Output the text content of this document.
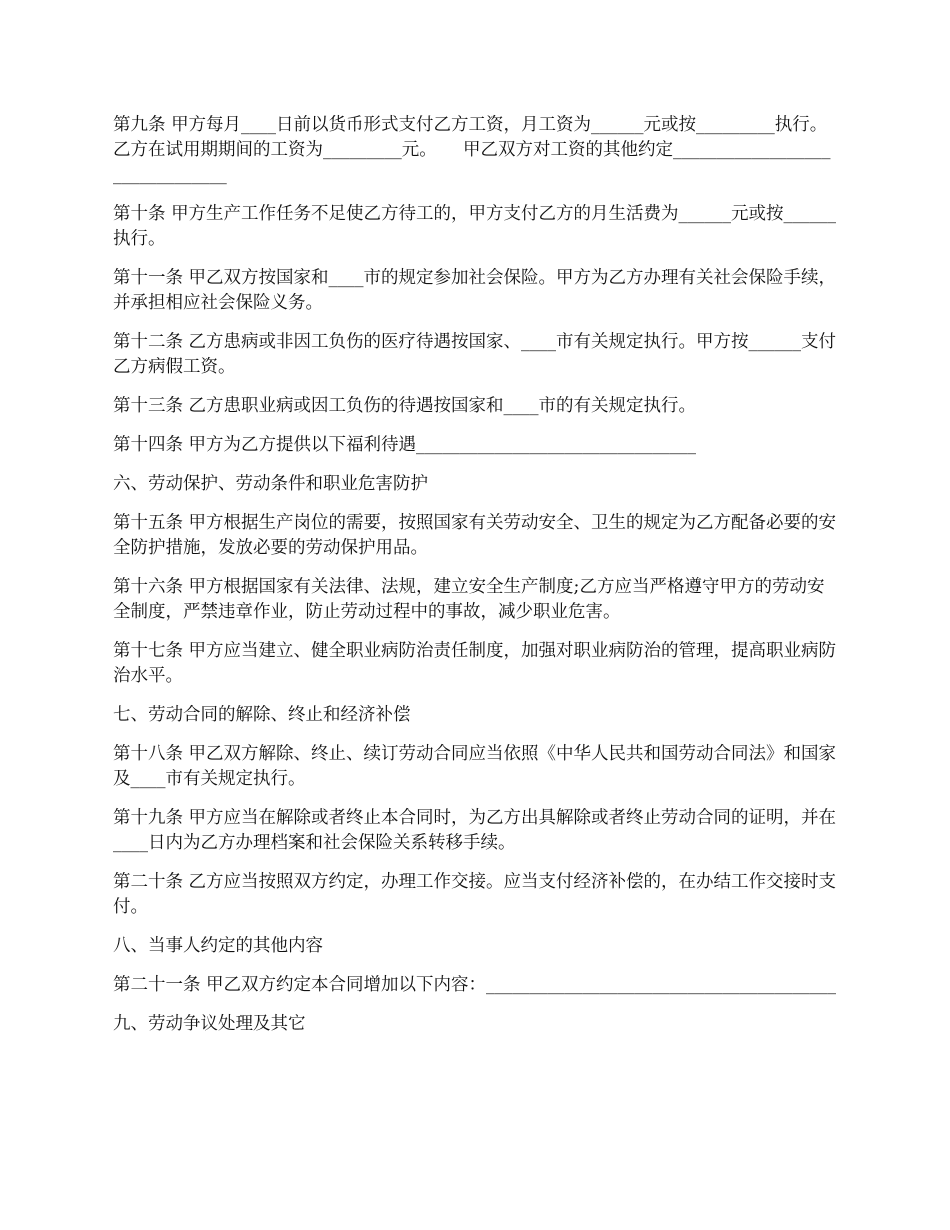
第九条 甲方每月____日前以货币形式支付乙方工资，月工资为______元或按_________执行。　　乙方在试用期期间的工资为_________元。　　甲乙双方对工资的其他约定_______________________________

第十条 甲方生产工作任务不足使乙方待工的，甲方支付乙方的月生活费为______元或按______执行。

第十一条 甲乙双方按国家和____市的规定参加社会保险。甲方为乙方办理有关社会保险手续，并承担相应社会保险义务。

第十二条 乙方患病或非因工负伤的医疗待遇按国家、____市有关规定执行。甲方按______支付乙方病假工资。

第十三条 乙方患职业病或因工负伤的待遇按国家和____市的有关规定执行。

第十四条 甲方为乙方提供以下福利待遇________________________________

六、劳动保护、劳动条件和职业危害防护

第十五条 甲方根据生产岗位的需要，按照国家有关劳动安全、卫生的规定为乙方配备必要的安全防护措施，发放必要的劳动保护用品。

第十六条 甲方根据国家有关法律、法规，建立安全生产制度;乙方应当严格遵守甲方的劳动安全制度，严禁违章作业，防止劳动过程中的事故，减少职业危害。

第十七条 甲方应当建立、健全职业病防治责任制度，加强对职业病防治的管理，提高职业病防治水平。

七、劳动合同的解除、终止和经济补偿

第十八条 甲乙双方解除、终止、续订劳动合同应当依照《中华人民共和国劳动合同法》和国家及____市有关规定执行。

第十九条 甲方应当在解除或者终止本合同时，为乙方出具解除或者终止劳动合同的证明，并在____日内为乙方办理档案和社会保险关系转移手续。

第二十条 乙方应当按照双方约定，办理工作交接。应当支付经济补偿的，在办结工作交接时支付。

八、当事人约定的其他内容

第二十一条 甲乙双方约定本合同增加以下内容：________________________________________

九、劳动争议处理及其它
